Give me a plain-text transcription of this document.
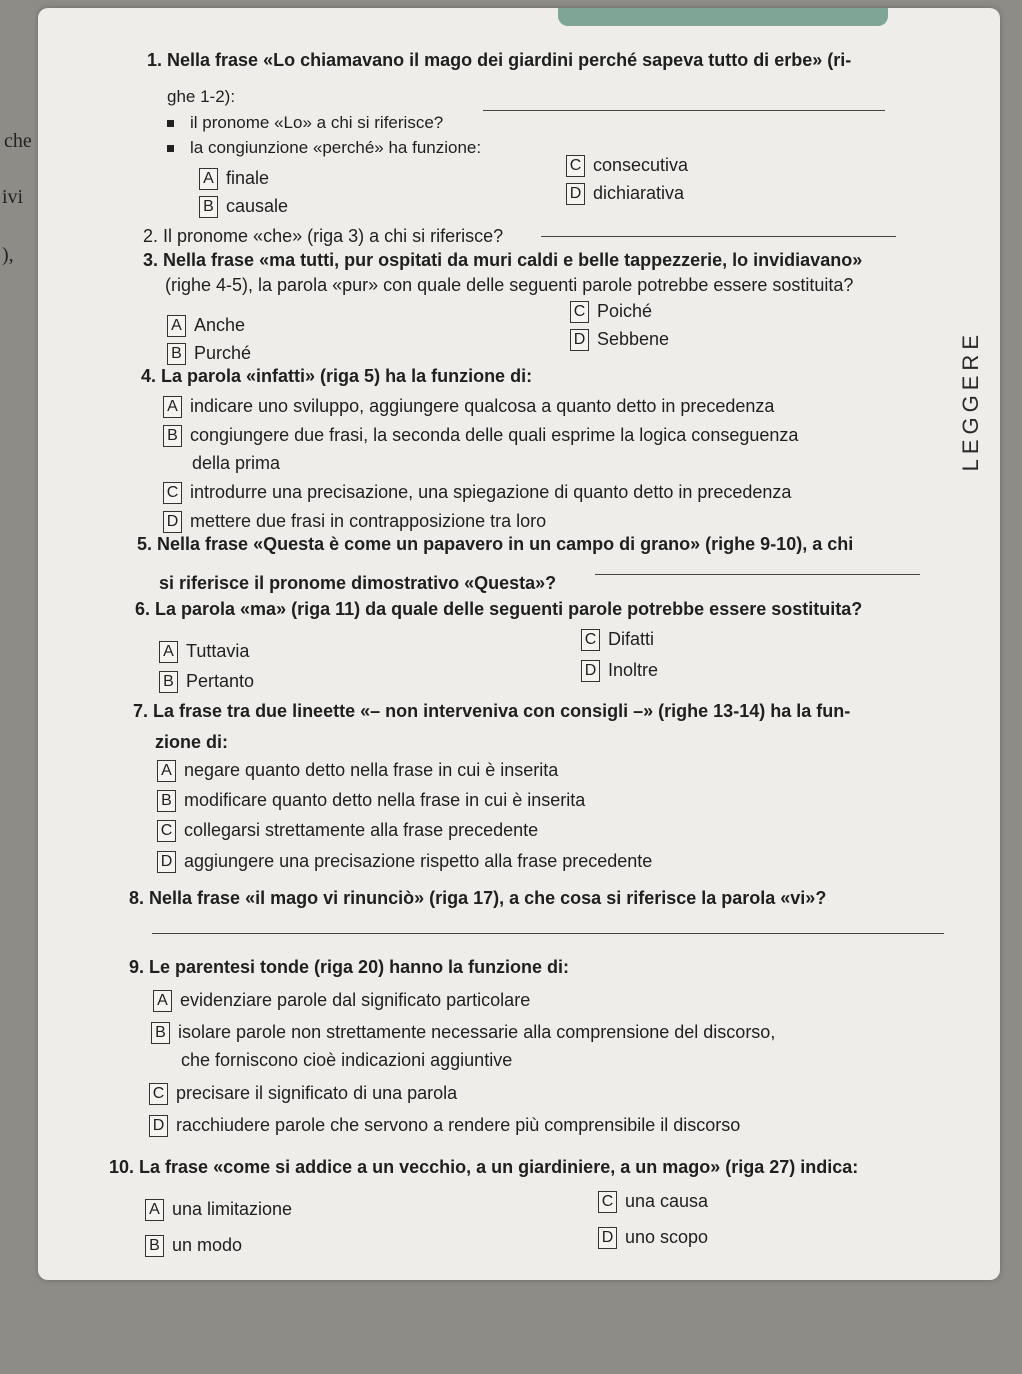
che
ivi
),
LEGGERE
1. Nella frase «Lo chiamavano il mago dei giardini perché sapeva tutto di erbe» (ri-
ghe 1-2):
il pronome «Lo» a chi si riferisce?
la congiunzione «perché» ha funzione:
A finale
B causale
C consecutiva
D dichiarativa
2. Il pronome «che» (riga 3) a chi si riferisce?
3. Nella frase «ma tutti, pur ospitati da muri caldi e belle tappezzerie, lo invidiavano»
(righe 4-5), la parola «pur» con quale delle seguenti parole potrebbe essere sostituita?
A Anche
B Purché
C Poiché
D Sebbene
4. La parola «infatti» (riga 5) ha la funzione di:
A indicare uno sviluppo, aggiungere qualcosa a quanto detto in precedenza
B congiungere due frasi, la seconda delle quali esprime la logica conseguenza
della prima
C introdurre una precisazione, una spiegazione di quanto detto in precedenza
D mettere due frasi in contrapposizione tra loro
5. Nella frase «Questa è come un papavero in un campo di grano» (righe 9-10), a chi
si riferisce il pronome dimostrativo «Questa»?
6. La parola «ma» (riga 11) da quale delle seguenti parole potrebbe essere sostituita?
A Tuttavia
B Pertanto
C Difatti
D Inoltre
7. La frase tra due lineette «– non interveniva con consigli –» (righe 13-14) ha la fun-
zione di:
A negare quanto detto nella frase in cui è inserita
B modificare quanto detto nella frase in cui è inserita
C collegarsi strettamente alla frase precedente
D aggiungere una precisazione rispetto alla frase precedente
8. Nella frase «il mago vi rinunciò» (riga 17), a che cosa si riferisce la parola «vi»?
9. Le parentesi tonde (riga 20) hanno la funzione di:
A evidenziare parole dal significato particolare
B isolare parole non strettamente necessarie alla comprensione del discorso,
che forniscono cioè indicazioni aggiuntive
C precisare il significato di una parola
D racchiudere parole che servono a rendere più comprensibile il discorso
10. La frase «come si addice a un vecchio, a un giardiniere, a un mago» (riga 27) indica:
A una limitazione
B un modo
C una causa
D uno scopo
